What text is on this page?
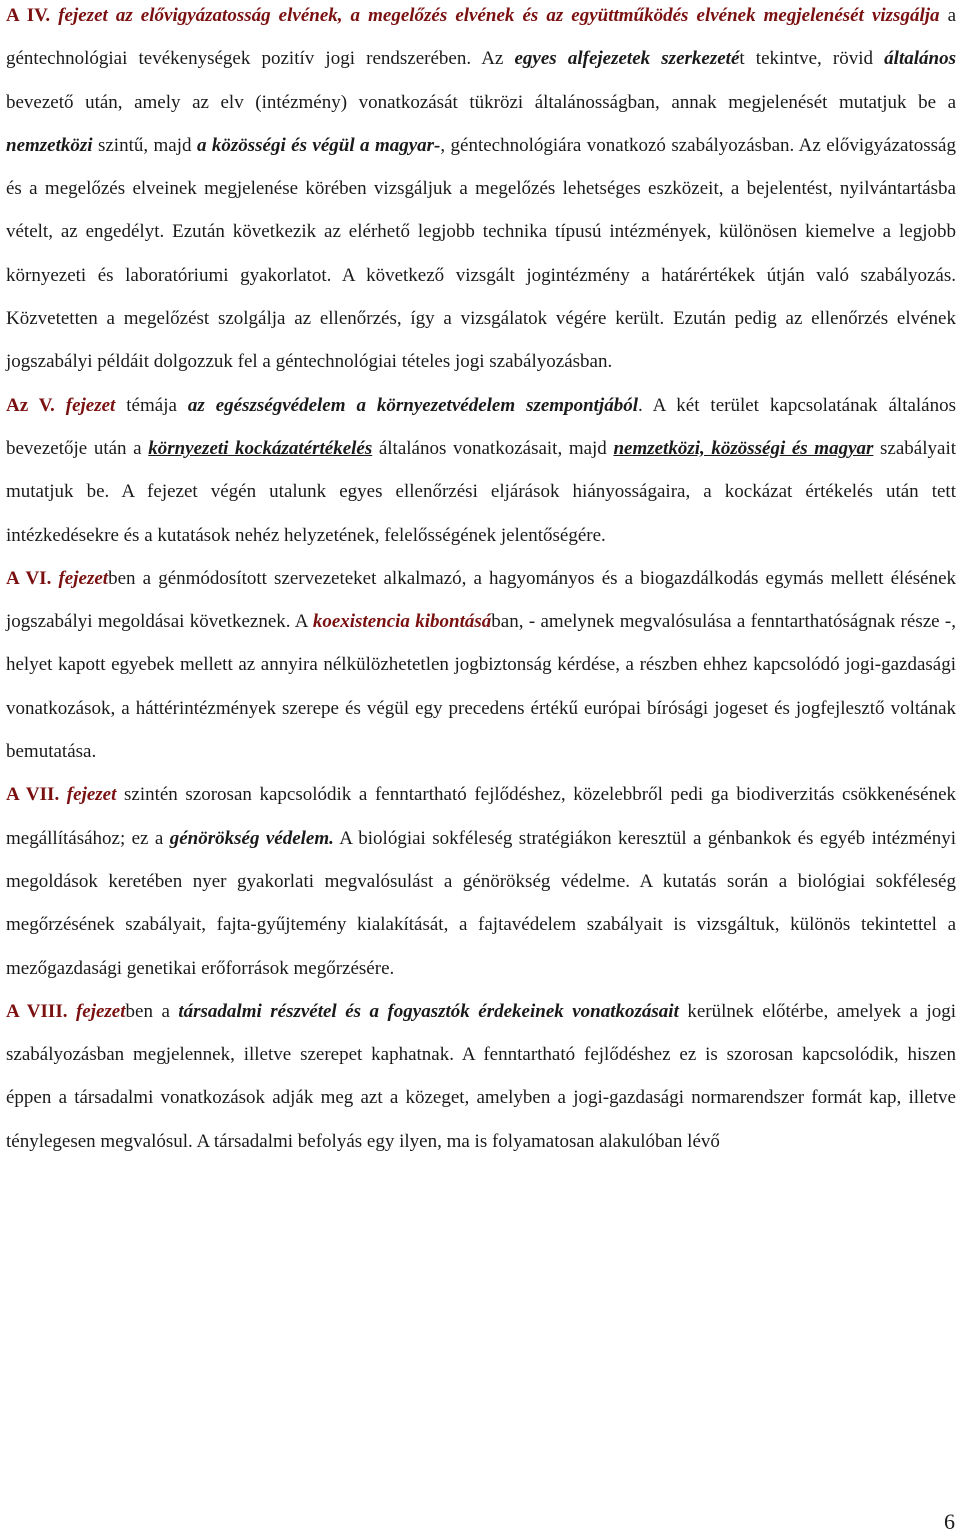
A IV. fejezet az elővigyázatosság elvének, a megelőzés elvének és az együttműködés elvének megjelenését vizsgálja a géntechnológiai tevékenységek pozitív jogi rendszerében. Az egyes alfejezetek szerkezetét tekintve, rövid általános bevezető után, amely az elv (intézmény) vonatkozását tükrözi általánosságban, annak megjelenését mutatjuk be a nemzetközi szintű, majd a közösségi és végül a magyar-, géntechnológiára vonatkozó szabályozásban. Az elővigyázatosság és a megelőzés elveinek megjelenése körében vizsgáljuk a megelőzés lehetséges eszközeit, a bejelentést, nyilvántartásba vételt, az engedélyt. Ezután következik az elérhető legjobb technika típusú intézmények, különösen kiemelve a legjobb környezeti és laboratóriumi gyakorlatot. A következő vizsgált jogintézmény a határértékek útján való szabályozás. Közvetetten a megelőzést szolgálja az ellenőrzés, így a vizsgálatok végére került. Ezután pedig az ellenőrzés elvének jogszabályi példáit dolgozzuk fel a géntechnológiai tételes jogi szabályozásban.

Az V. fejezet témája az egészségvédelem a környezetvédelem szempontjából. A két terület kapcsolatának általános bevezetője után a környezeti kockázatértékelés általános vonatkozásait, majd nemzetközi, közösségi és magyar szabályait mutatjuk be. A fejezet végén utalunk egyes ellenőrzési eljárások hiányosságaira, a kockázat értékelés után tett intézkedésekre és a kutatások nehéz helyzetének, felelősségének jelentőségére.

A VI. fejezetben a génmódosított szervezeteket alkalmazó, a hagyományos és a biogazdálkodás egymás mellett élésének jogszabályi megoldásai következnek. A koexistencia kibontásában, - amelynek megvalósulása a fenntarthatóságnak része -, helyet kapott egyebek mellett az annyira nélkülözhetetlen jogbiztonság kérdése, a részben ehhez kapcsolódó jogi-gazdasági vonatkozások, a háttérintézmények szerepe és végül egy precedens értékű európai bírósági jogeset és jogfejlesztő voltának bemutatása.

A VII. fejezet szintén szorosan kapcsolódik a fenntartható fejlődéshez, közelebbről pedi ga biodiverzitás csökkenésének megállításához; ez a génörökség védelem. A biológiai sokféleség stratégiákon keresztül a génbankok és egyéb intézményi megoldások keretében nyer gyakorlati megvalósulást a génörökség védelme. A kutatás során a biológiai sokféleség megőrzésének szabályait, fajta-gyűjtemény kialakítását, a fajtavédelem szabályait is vizsgáltuk, különös tekintettel a mezőgazdasági genetikai erőforrások megőrzésére.

A VIII. fejezetben a társadalmi részvétel és a fogyasztók érdekeinek vonatkozásait kerülnek előtérbe, amelyek a jogi szabályozásban megjelennek, illetve szerepet kaphatnak. A fenntartható fejlődéshez ez is szorosan kapcsolódik, hiszen éppen a társadalmi vonatkozások adják meg azt a közeget, amelyben a jogi-gazdasági normarendszer formát kap, illetve ténylegesen megvalósul. A társadalmi befolyás egy ilyen, ma is folyamatosan alakulóban lévő

6
